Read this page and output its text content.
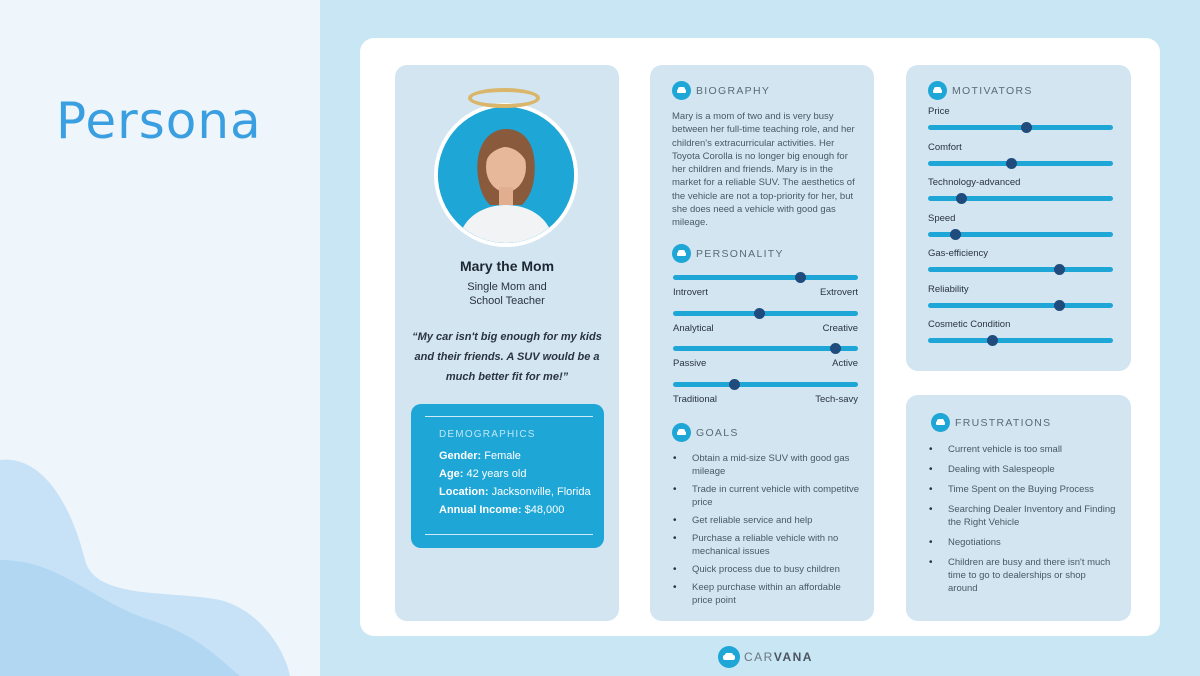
Persona
Mary the Mom
Single Mom and
School Teacher
“My car isn't big enough for my kids and their friends. A SUV would be a much better fit for me!”
DEMOGRAPHICS
Gender: Female
Age: 42 years old
Location: Jacksonville, Florida
Annual Income: $48,000
BIOGRAPHY
Mary is a mom of two and is very busy between her full-time teaching role, and her children's extracurricular activities. Her Toyota Corolla is no longer big enough for her children and friends. Mary is in the market for a reliable SUV. The aesthetics of the vehicle are not a top-priority for her, but she does need a vehicle with good gas mileage.
PERSONALITY
Introvert	Extrovert
Analytical	Creative
Passive	Active
Traditional	Tech-savy
GOALS
• Obtain a mid-size SUV with good gas mileage
• Trade in current vehicle with competitve price
• Get reliable service and help
• Purchase a reliable vehicle with no mechanical issues
• Quick process due to busy children
• Keep purchase within an affordable price point
MOTIVATORS
Price
Comfort
Technology-advanced
Speed
Gas-efficiency
Reliability
Cosmetic Condition
FRUSTRATIONS
• Current vehicle is too small
• Dealing with Salespeople
• Time Spent on the Buying Process
• Searching Dealer Inventory and Finding the Right Vehicle
• Negotiations
• Children are busy and there isn't much time to go to dealerships or shop around
CARVANA
